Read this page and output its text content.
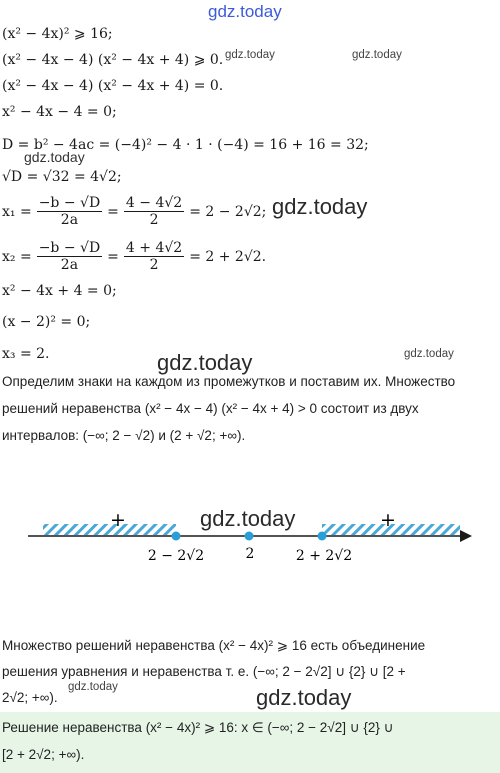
gdz.today
gdz.today	gdz.today
gdz.today
gdz.today
gdz.today	gdz.today
gdz.today
gdz.today	gdz.today
(x² − 4x)² ⩾ 16;
(x² − 4x − 4) (x² − 4x + 4) ⩾ 0.
(x² − 4x − 4) (x² − 4x + 4) = 0.
x² − 4x − 4 = 0;
D = b² − 4ac = (−4)² − 4 · 1 · (−4) = 16 + 16 = 32;
√D = √32 = 4√2;
$x_1 = \frac{-b - √D}{2a} = \frac{4 - 4√2}{2} = 2 - 2√2$;
$x_2 = \frac{-b - √D}{2a} = \frac{4 + 4√2}{2} = 2 + 2√2$.
x² − 4x + 4 = 0;
(x − 2)² = 0;
x₃ = 2.
Определим знаки на каждом из промежутков и поставим их. Множество
решений неравенства (x² − 4x − 4) (x² − 4x + 4) > 0 состоит из двух
интервалов: (−∞; 2 − √2) и (2 + √2; +∞).
+	+
2 − 2√2	2	2 + 2√2
Множество решений неравенства (x² − 4x)² ⩾ 16 есть объединение
решения уравнения и неравенства т. е. (−∞; 2 − 2√2] ∪ {2} ∪ [2 +
2√2; +∞).
Решение неравенства (x² − 4x)² ⩾ 16: x ∈ (−∞; 2 − 2√2] ∪ {2} ∪
[2 + 2√2; +∞).
